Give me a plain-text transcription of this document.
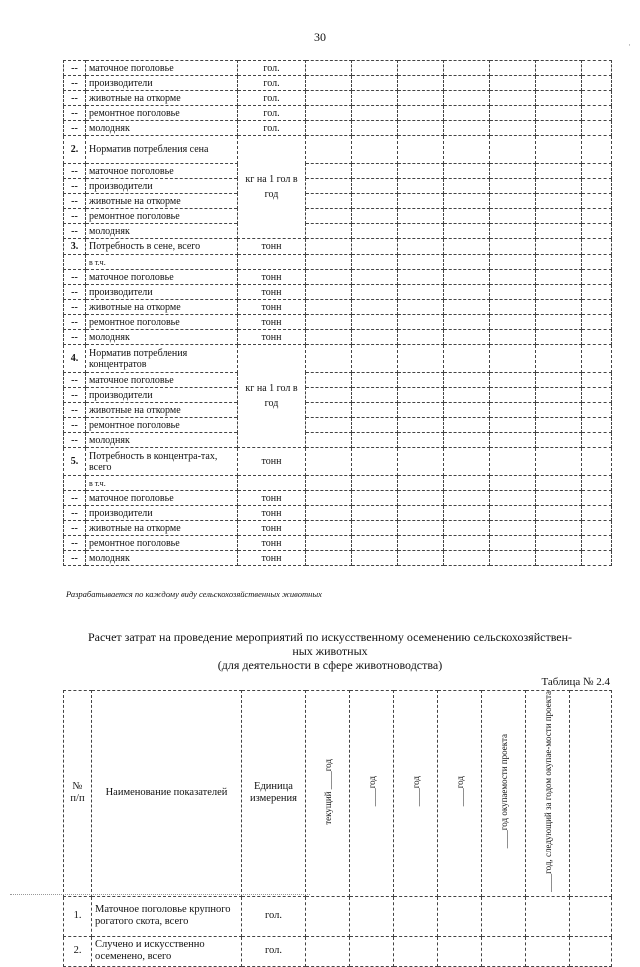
30
·
--	маточное поголовье	гол.							
--	производители	гол.							
--	животные на откорме	гол.							
--	ремонтное поголовье	гол.							
--	молодняк	гол.							
2.	Норматив потребления сена	кг на 1 гол в год							
--	маточное поголовье								
--	производители								
--	животные на откорме								
--	ремонтное поголовье								
--	молодняк								
3.	Потребность в сене, всего	тонн							
	в т.ч.								
--	маточное поголовье	тонн							
--	производители	тонн							
--	животные на откорме	тонн							
--	ремонтное поголовье	тонн							
--	молодняк	тонн							
4.	Норматив потребления концентратов	кг на 1 гол в год							
--	маточное поголовье								
--	производители								
--	животные на откорме								
--	ремонтное поголовье								
--	молодняк								
5.	Потребность в концентра-тах, всего	тонн							
	в т.ч.								
--	маточное поголовье	тонн							
--	производители	тонн							
--	животные на откорме	тонн							
--	ремонтное поголовье	тонн							
--	молодняк	тонн							
Разрабатывается по каждому виду сельскохозяйственных животных
Расчет затрат на проведение мероприятий по искусственному осеменению сельскохозяйствен-
ных животных
(для деятельности в сфере животноводства)
Таблица № 2.4
№ п/п	Наименование показателей	Единица измерения	текущий ____год	____год	____год	____год	____год окупаемости проекта	____год, следующий за годом окупае-мости проекта	
1.	Маточное поголовье крупного рогатого скота, всего	гол.							
2.	Случено и искусственно осеменено, всего	гол.							
